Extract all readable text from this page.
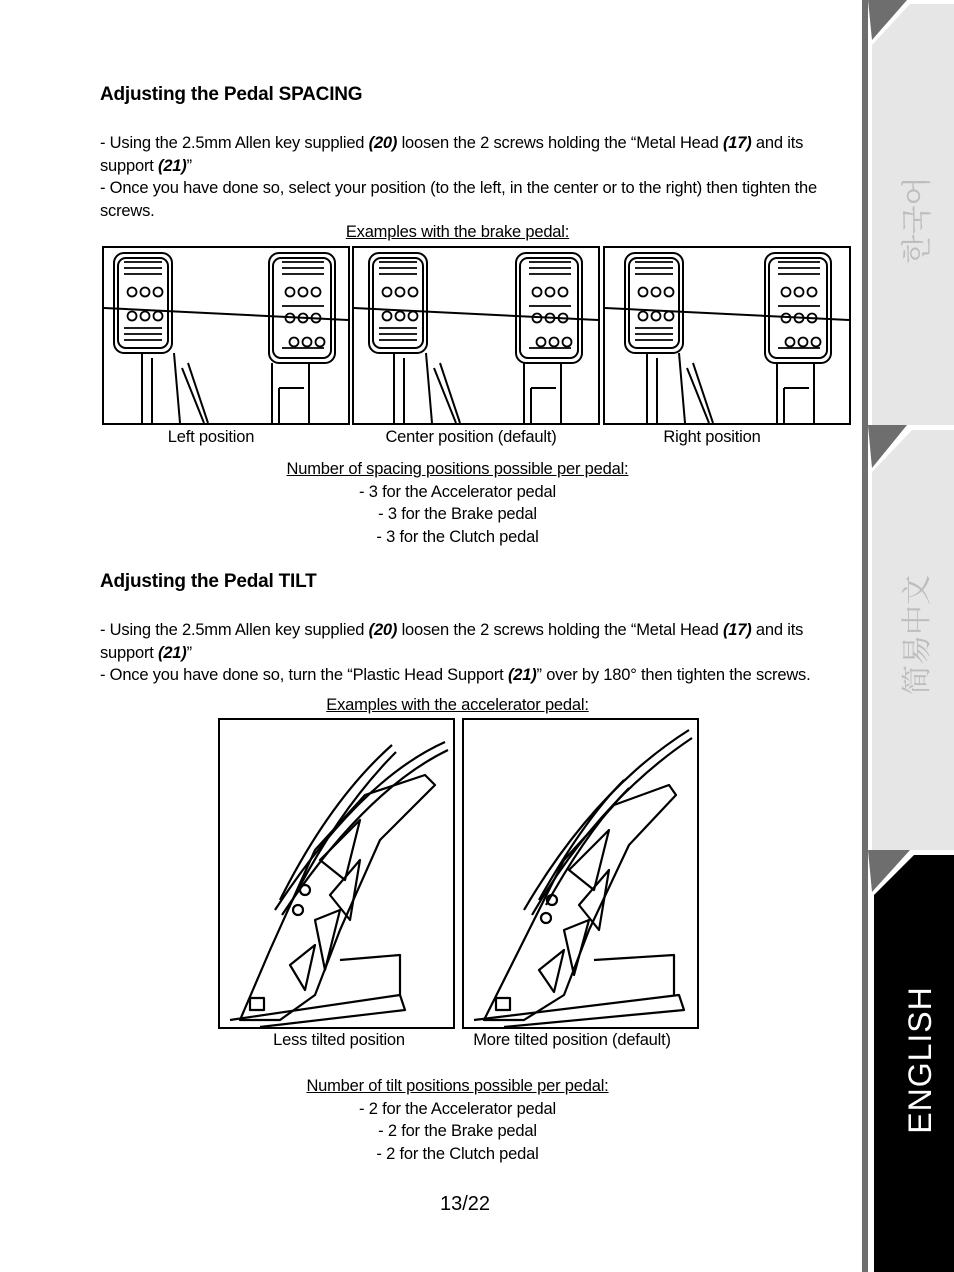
Adjusting the Pedal SPACING
- Using the 2.5mm Allen key supplied (20) loosen the 2 screws holding the “Metal Head (17) and its support (21)”
- Once you have done so, select your position (to the left, in the center or to the right) then tighten the screws.
Examples with the brake pedal:
Left position	Center position (default)	Right position
Number of spacing positions possible per pedal:
- 3 for the Accelerator pedal
- 3 for the Brake pedal
- 3 for the Clutch pedal
Adjusting the Pedal TILT
- Using the 2.5mm Allen key supplied (20) loosen the 2 screws holding the “Metal Head (17) and its support (21)”
- Once you have done so, turn the “Plastic Head Support (21)” over by 180° then tighten the screws.
Examples with the accelerator pedal:
Less tilted position	More tilted position (default)
Number of tilt positions possible per pedal:
- 2 for the Accelerator pedal
- 2 for the Brake pedal
- 2 for the Clutch pedal
13/22
한국어
简易中文
ENGLISH
